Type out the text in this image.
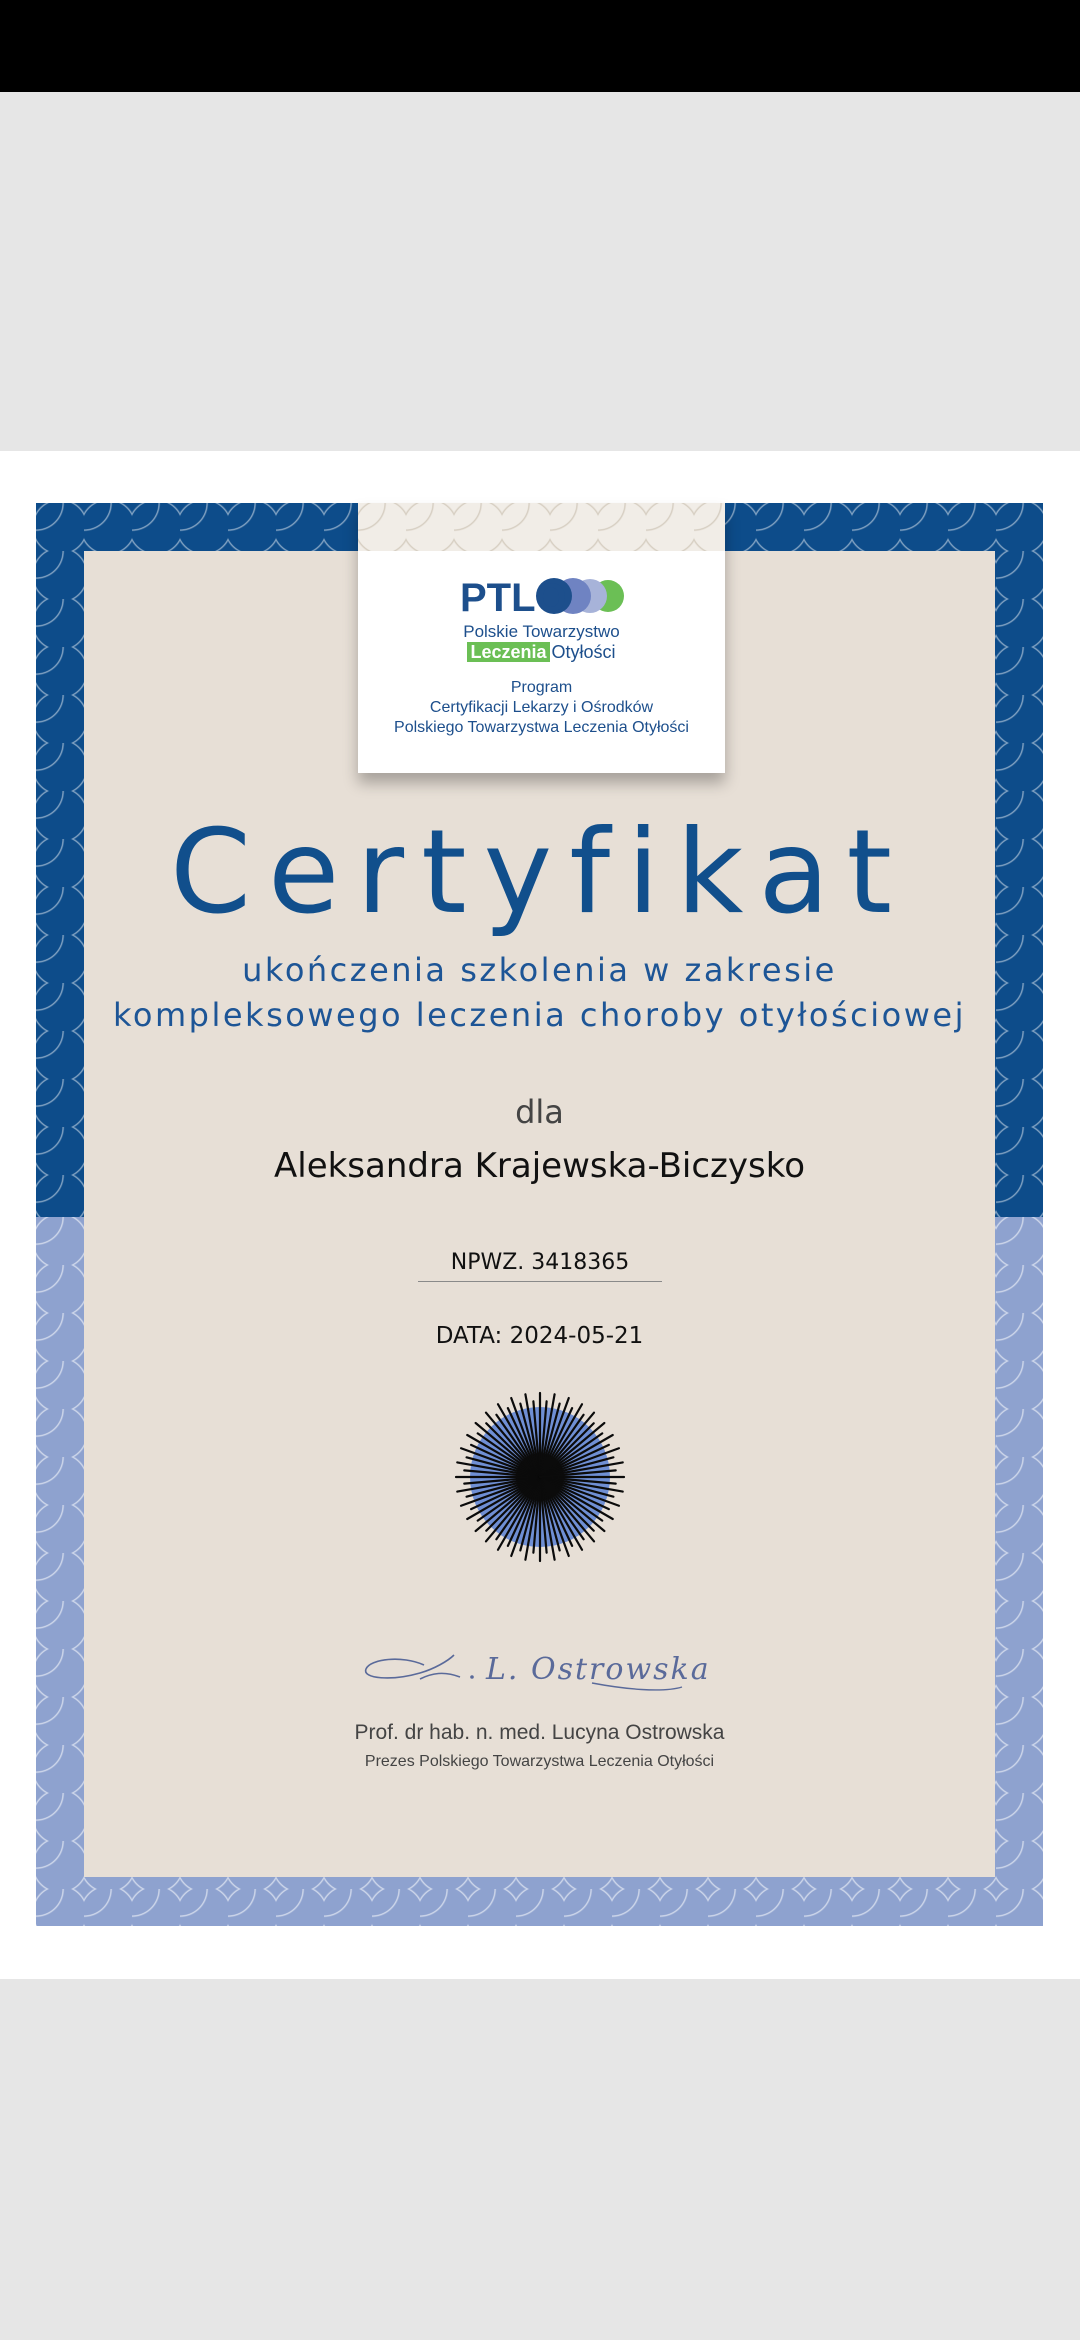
PTLO
Polskie Towarzystwo
Leczenia Otyłości
Program
Certyfikacji Lekarzy i Ośrodków
Polskiego Towarzystwa Leczenia Otyłości
Certyfikat
ukończenia szkolenia w zakresie
kompleksowego leczenia choroby otyłościowej
dla
Aleksandra Krajewska-Biczysko
NPWZ. 3418365
DATA: 2024-05-21
L. Ostrowska
Prof. dr hab. n. med. Lucyna Ostrowska
Prezes Polskiego Towarzystwa Leczenia Otyłości
